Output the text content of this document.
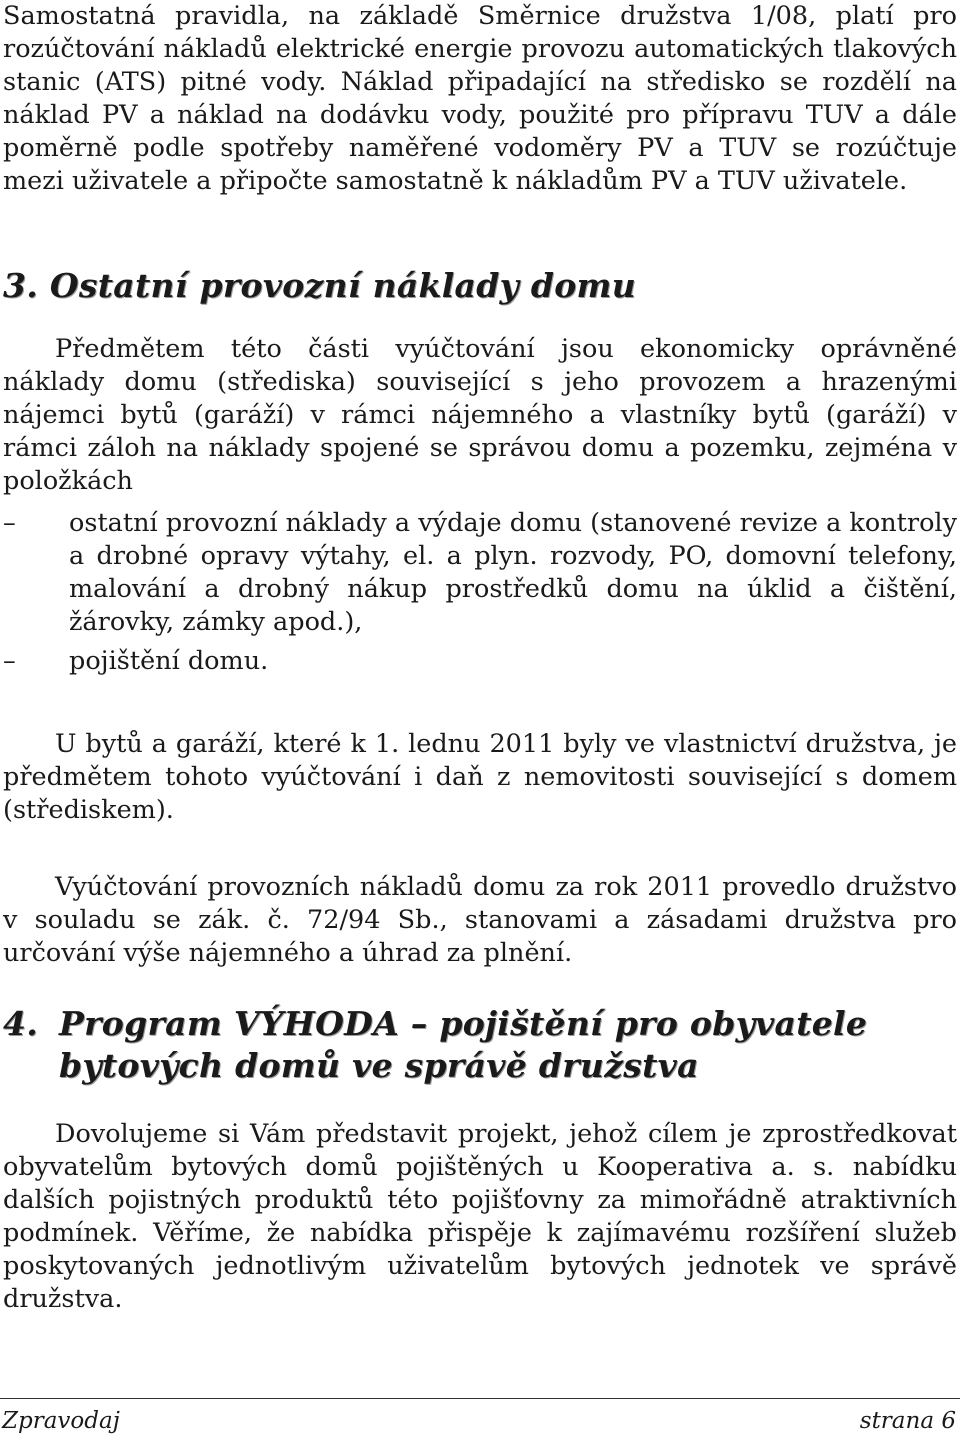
Samostatná pravidla, na základě Směrnice družstva 1/08, platí pro rozúčtování nákladů elektrické energie provozu automatických tlakových stanic (ATS) pitné vody. Náklad připadající na středisko se rozdělí na náklad PV a náklad na dodávku vody, použité pro přípravu TUV a dále poměrně podle spotřeby naměřené vodoměry PV a TUV se rozúčtuje mezi uživatele a připočte samostatně k nákladům PV a TUV uživatele.

3. Ostatní provozní náklady domu

Předmětem této části vyúčtování jsou ekonomicky oprávněné náklady domu (střediska) související s jeho provozem a hrazenými nájemci bytů (garáží) v rámci nájemného a vlastníky bytů (garáží) v rámci záloh na náklady spojené se správou domu a pozemku, zejména v položkách

–	ostatní provozní náklady a výdaje domu (stanovené revize a kontroly a drobné opravy výtahy, el. a plyn. rozvody, PO, domovní telefony, malování a drobný nákup prostředků domu na úklid a čištění, žárovky, zámky apod.),
–	pojištění domu.

U bytů a garáží, které k 1. lednu 2011 byly ve vlastnictví družstva, je předmětem tohoto vyúčtování i daň z nemovitosti související s domem (střediskem).

Vyúčtování provozních nákladů domu za rok 2011 provedlo družstvo v souladu se zák. č. 72/94 Sb., stanovami a zásadami družstva pro určování výše nájemného a úhrad za plnění.

4. Program VÝHODA – pojištění pro obyvatele
bytových domů ve správě družstva

Dovolujeme si Vám představit projekt, jehož cílem je zprostředkovat obyvatelům bytových domů pojištěných u Kooperativa a. s. nabídku dalších pojistných produktů této pojišťovny za mimořádně atraktivních podmínek. Věříme, že nabídka přispěje k zajímavému rozšíření služeb poskytovaných jednotlivým uživatelům bytových jednotek ve správě družstva.

Zpravodaj	strana 6
